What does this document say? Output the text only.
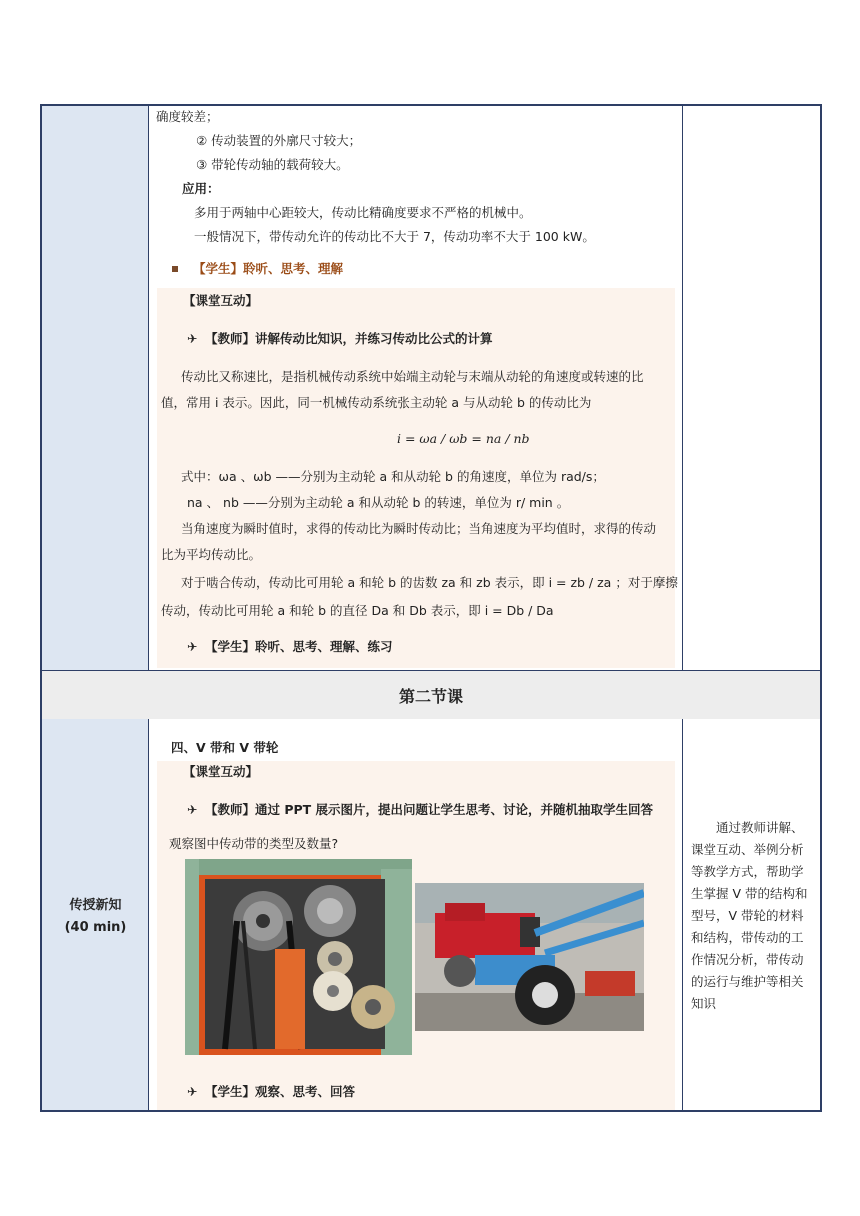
确度较差；
② 传动装置的外廓尺寸较大；
③ 带轮传动轴的载荷较大。
应用：
多用于两轴中心距较大，传动比精确度要求不严格的机械中。
一般情况下，带传动允许的传动比不大于 7，传动功率不大于 100 kW。
【学生】聆听、思考、理解
【课堂互动】
✈ 【教师】讲解传动比知识，并练习传动比公式的计算
传动比又称速比，是指机械传动系统中始端主动轮与末端从动轮的角速度或转速的比
值，常用 i 表示。因此，同一机械传动系统张主动轮 a 与从动轮 b 的传动比为
i = ωa / ωb = na / nb
式中：ωa 、ωb ——分别为主动轮 a 和从动轮 b 的角速度，单位为 rad/s；
na 、 nb ——分别为主动轮 a 和从动轮 b 的转速，单位为 r/ min 。
当角速度为瞬时值时，求得的传动比为瞬时传动比；当角速度为平均值时，求得的传动
比为平均传动比。
对于啮合传动，传动比可用轮 a 和轮 b 的齿数 za 和 zb 表示，即 i = zb / za ；对于摩擦
传动，传动比可用轮 a 和轮 b 的直径 Da 和 Db 表示，即 i = Db / Da
✈ 【学生】聆听、思考、理解、练习
第二节课
传授新知
(40 min)
四、V 带和 V 带轮
【课堂互动】
✈ 【教师】通过 PPT 展示图片，提出问题让学生思考、讨论，并随机抽取学生回答
观察图中传动带的类型及数量?
✈ 【学生】观察、思考、回答
通过教师讲解、课堂互动、举例分析等教学方式，帮助学生掌握 V 带的结构和型号，V 带轮的材料和结构，带传动的工作情况分析，带传动的运行与维护等相关知识
